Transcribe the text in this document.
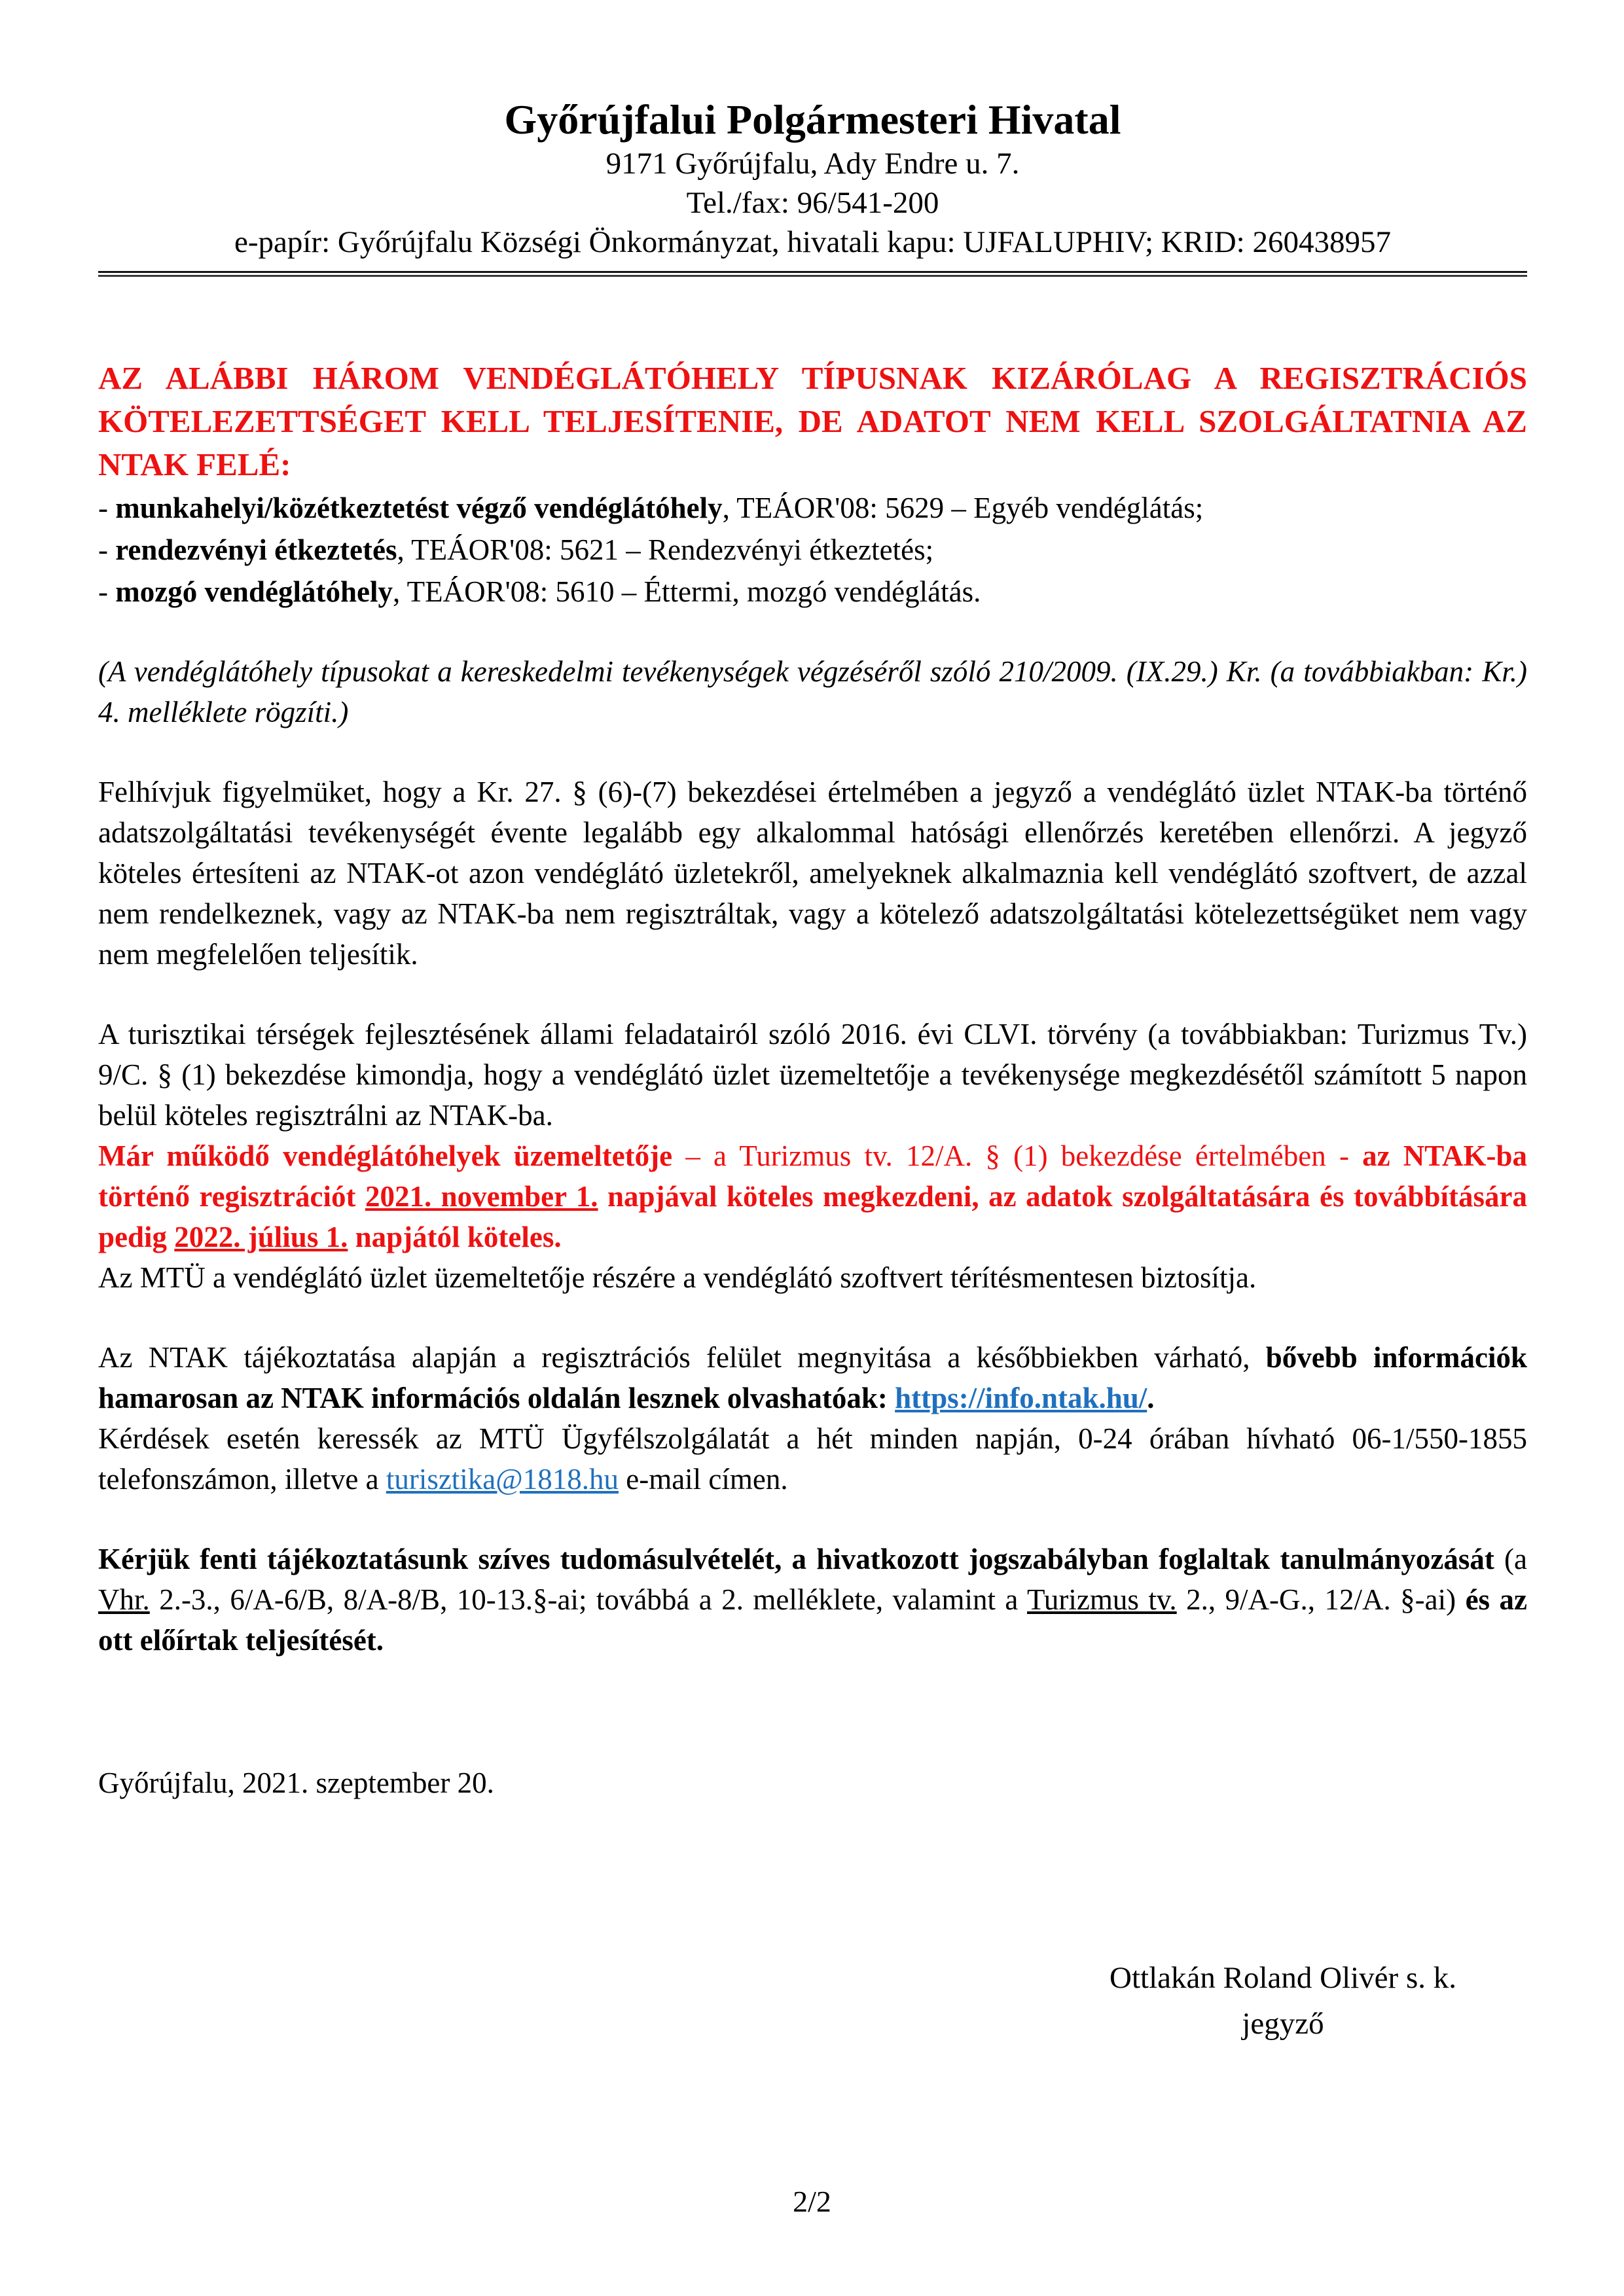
Győrújfalui Polgármesteri Hivatal
9171 Győrújfalu, Ady Endre u. 7.
Tel./fax: 96/541-200
e-papír: Győrújfalu Községi Önkormányzat, hivatali kapu: UJFALUPHIV; KRID: 260438957

AZ ALÁBBI HÁROM VENDÉGLÁTÓHELY TÍPUSNAK KIZÁRÓLAG A REGISZTRÁCIÓS KÖTELEZETTSÉGET KELL TELJESÍTENIE, DE ADATOT NEM KELL SZOLGÁLTATNIA AZ NTAK FELÉ:

- munkahelyi/közétkeztetést végző vendéglátóhely, TEÁOR'08: 5629 – Egyéb vendéglátás;

- rendezvényi étkeztetés, TEÁOR'08: 5621 – Rendezvényi étkeztetés;

- mozgó vendéglátóhely, TEÁOR'08: 5610 – Éttermi, mozgó vendéglátás.

(A vendéglátóhely típusokat a kereskedelmi tevékenységek végzéséről szóló 210/2009. (IX.29.) Kr. (a továbbiakban: Kr.) 4. melléklete rögzíti.)

Felhívjuk figyelmüket, hogy a Kr. 27. § (6)-(7) bekezdései értelmében a jegyző a vendéglátó üzlet NTAK-ba történő adatszolgáltatási tevékenységét évente legalább egy alkalommal hatósági ellenőrzés keretében ellenőrzi. A jegyző köteles értesíteni az NTAK-ot azon vendéglátó üzletekről, amelyeknek alkalmaznia kell vendéglátó szoftvert, de azzal nem rendelkeznek, vagy az NTAK-ba nem regisztráltak, vagy a kötelező adatszolgáltatási kötelezettségüket nem vagy nem megfelelően teljesítik.

A turisztikai térségek fejlesztésének állami feladatairól szóló 2016. évi CLVI. törvény (a továbbiakban: Turizmus Tv.) 9/C. § (1) bekezdése kimondja, hogy a vendéglátó üzlet üzemeltetője a tevékenysége megkezdésétől számított 5 napon belül köteles regisztrálni az NTAK-ba.

Már működő vendéglátóhelyek üzemeltetője – a Turizmus tv. 12/A. § (1) bekezdése értelmében - az NTAK-ba történő regisztrációt 2021. november 1. napjával köteles megkezdeni, az adatok szolgáltatására és továbbítására pedig 2022. július 1. napjától köteles.

Az MTÜ a vendéglátó üzlet üzemeltetője részére a vendéglátó szoftvert térítésmentesen biztosítja.

Az NTAK tájékoztatása alapján a regisztrációs felület megnyitása a későbbiekben várható, bővebb információk hamarosan az NTAK információs oldalán lesznek olvashatóak: https://info.ntak.hu/.

Kérdések esetén keressék az MTÜ Ügyfélszolgálatát a hét minden napján, 0-24 órában hívható 06-1/550-1855 telefonszámon, illetve a turisztika@1818.hu e-mail címen.

Kérjük fenti tájékoztatásunk szíves tudomásulvételét, a hivatkozott jogszabályban foglaltak tanulmányozását (a Vhr. 2.-3., 6/A-6/B, 8/A-8/B, 10-13.§-ai; továbbá a 2. melléklete, valamint a Turizmus tv. 2., 9/A-G., 12/A. §-ai) és az ott előírtak teljesítését.

Győrújfalu, 2021. szeptember 20.

Ottlakán Roland Olivér s. k.
jegyző
2/2
